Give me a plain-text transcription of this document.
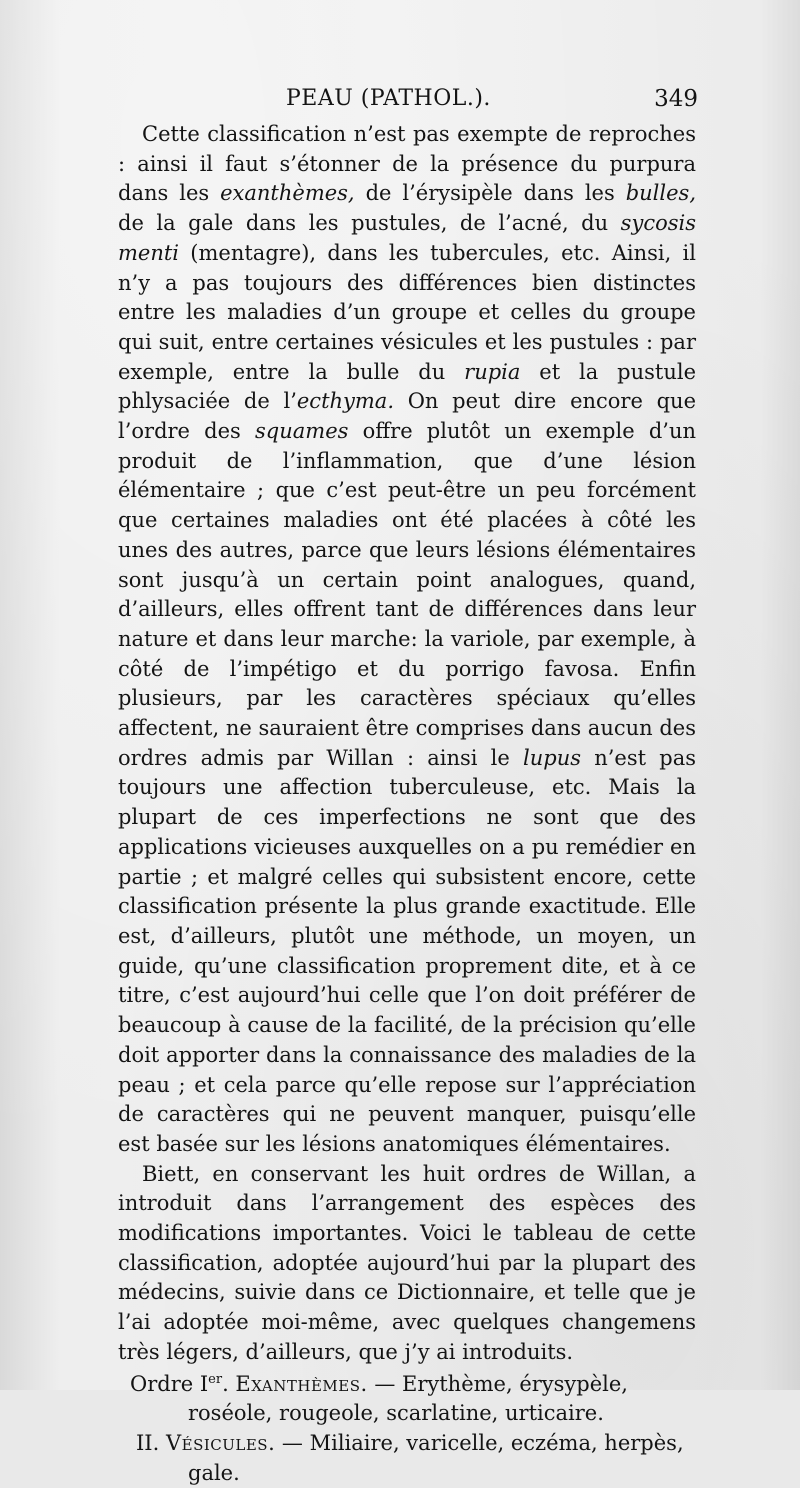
PEAU (PATHOL.).	349

Cette classification n’est pas exempte de reproches : ainsi il faut s’étonner de la présence du purpura dans les exanthèmes, de l’érysipèle dans les bulles, de la gale dans les pustules, de l’acné, du sycosis menti (mentagre), dans les tubercules, etc. Ainsi, il n’y a pas toujours des différences bien distinctes entre les maladies d’un groupe et celles du groupe qui suit, entre certaines vésicules et les pustules : par exemple, entre la bulle du rupia et la pustule phlysaciée de l’ecthyma. On peut dire encore que l’ordre des squames offre plutôt un exemple d’un produit de l’inflammation, que d’une lésion élémentaire ; que c’est peut-être un peu forcément que certaines maladies ont été placées à côté les unes des autres, parce que leurs lésions élémentaires sont jusqu’à un certain point analogues, quand, d’ailleurs, elles offrent tant de différences dans leur nature et dans leur marche: la variole, par exemple, à côté de l’impétigo et du porrigo favosa. Enfin plusieurs, par les caractères spéciaux qu’elles affectent, ne sauraient être comprises dans aucun des ordres admis par Willan : ainsi le lupus n’est pas toujours une affection tuberculeuse, etc. Mais la plupart de ces imperfections ne sont que des applications vicieuses auxquelles on a pu remédier en partie ; et malgré celles qui subsistent encore, cette classification présente la plus grande exactitude. Elle est, d’ailleurs, plutôt une méthode, un moyen, un guide, qu’une classification proprement dite, et à ce titre, c’est aujourd’hui celle que l’on doit préférer de beaucoup à cause de la facilité, de la précision qu’elle doit apporter dans la connaissance des maladies de la peau ; et cela parce qu’elle repose sur l’appréciation de caractères qui ne peuvent manquer, puisqu’elle est basée sur les lésions anatomiques élémentaires.

Biett, en conservant les huit ordres de Willan, a introduit dans l’arrangement des espèces des modifications importantes. Voici le tableau de cette classification, adoptée aujourd’hui par la plupart des médecins, suivie dans ce Dictionnaire, et telle que je l’ai adoptée moi-même, avec quelques changemens très légers, d’ailleurs, que j’y ai introduits.

Ordre Ier. Exanthèmes. — Erythème, érysypèle, roséole, rougeole, scarlatine, urticaire.

II. Vésicules. — Miliaire, varicelle, eczéma, herpès, gale.
